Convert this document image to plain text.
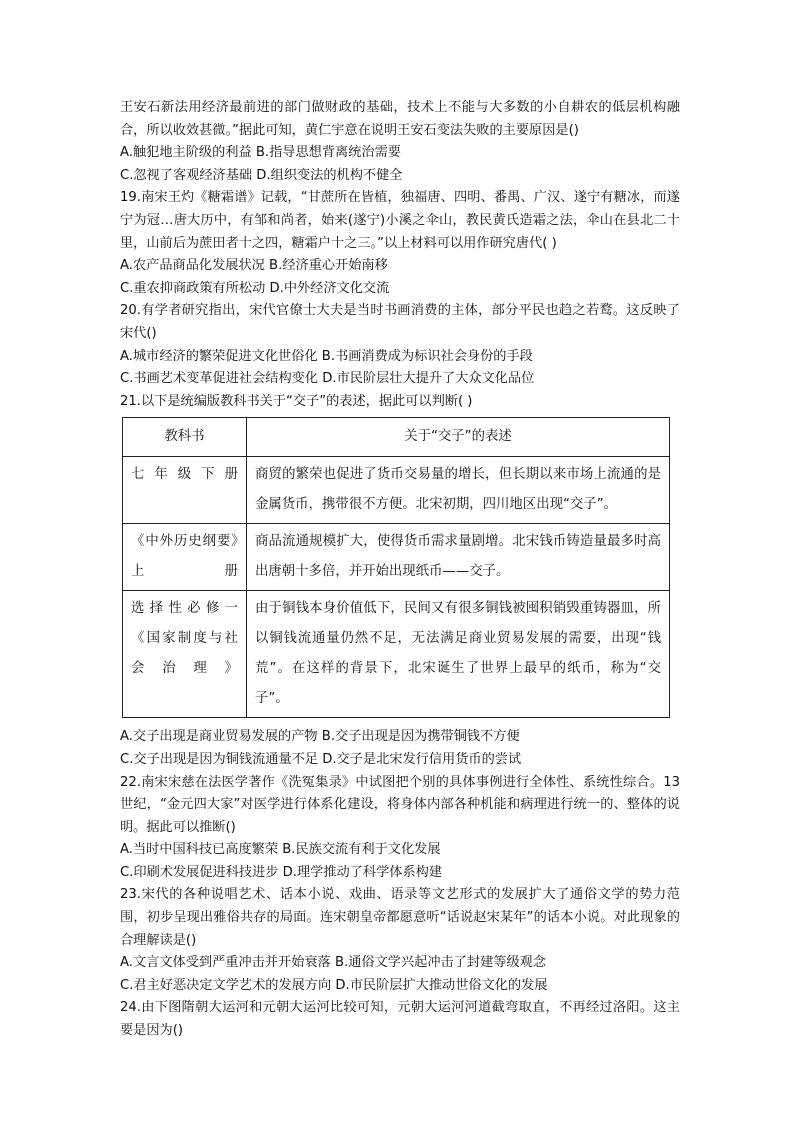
王安石新法用经济最前进的部门做财政的基础，技术上不能与大多数的小自耕农的低层机构融合，所以收效甚微。”据此可知，黄仁宇意在说明王安石变法失败的主要原因是()

A.触犯地主阶级的利益 B.指导思想背离统治需要

C.忽视了客观经济基础 D.组织变法的机构不健全

19.南宋王灼《糖霜谱》记载，“甘蔗所在皆植，独福唐、四明、番禺、广汉、遂宁有糖冰，而遂宁为冠…唐大历中，有邹和尚者，始来(遂宁)小溪之伞山，教民黄氏造霜之法，伞山在县北二十里，山前后为蔗田者十之四，糖霜户十之三。”以上材料可以用作研究唐代( )

A.农产品商品化发展状况 B.经济重心开始南移

C.重农抑商政策有所松动 D.中外经济文化交流

20.有学者研究指出，宋代官僚士大夫是当时书画消费的主体，部分平民也趋之若鹜。这反映了宋代()

A.城市经济的繁荣促进文化世俗化 B.书画消费成为标识社会身份的手段

C.书画艺术变革促进社会结构变化 D.市民阶层壮大提升了大众文化品位

21.以下是统编版教科书关于“交子”的表述，据此可以判断( )

教科书	关于“交子”的表述
七年级下册	商贸的繁荣也促进了货币交易量的增长，但长期以来市场上流通的是金属货币，携带很不方便。北宋初期，四川地区出现“交子”。
《中外历史纲要》上册	商品流通规模扩大，使得货币需求量剧增。北宋钱币铸造量最多时高出唐朝十多倍，并开始出现纸币——交子。
选择性必修一《国家制度与社会治理》	由于铜钱本身价值低下，民间又有很多铜钱被囤积销毁重铸器皿，所以铜钱流通量仍然不足，无法满足商业贸易发展的需要，出现“钱荒”。在这样的背景下，北宋诞生了世界上最早的纸币，称为“交子”。

A.交子出现是商业贸易发展的产物 B.交子出现是因为携带铜钱不方便

C.交子出现是因为铜钱流通量不足 D.交子是北宋发行信用货币的尝试

22.南宋宋慈在法医学著作《洗冤集录》中试图把个别的具体事例进行全体性、系统性综合。13世纪，“金元四大家”对医学进行体系化建设，将身体内部各种机能和病理进行统一的、整体的说明。据此可以推断()

A.当时中国科技已高度繁荣 B.民族交流有利于文化发展

C.印刷术发展促进科技进步 D.理学推动了科学体系构建

23.宋代的各种说唱艺术、话本小说、戏曲、语录等文艺形式的发展扩大了通俗文学的势力范围，初步呈现出雅俗共存的局面。连宋朝皇帝都愿意听“话说赵宋某年”的话本小说。对此现象的合理解读是()

A.文言文体受到严重冲击并开始衰落 B.通俗文学兴起冲击了封建等级观念

C.君主好恶决定文学艺术的发展方向 D.市民阶层扩大推动世俗文化的发展

24.由下图隋朝大运河和元朝大运河比较可知，元朝大运河河道截弯取直，不再经过洛阳。这主要是因为()
